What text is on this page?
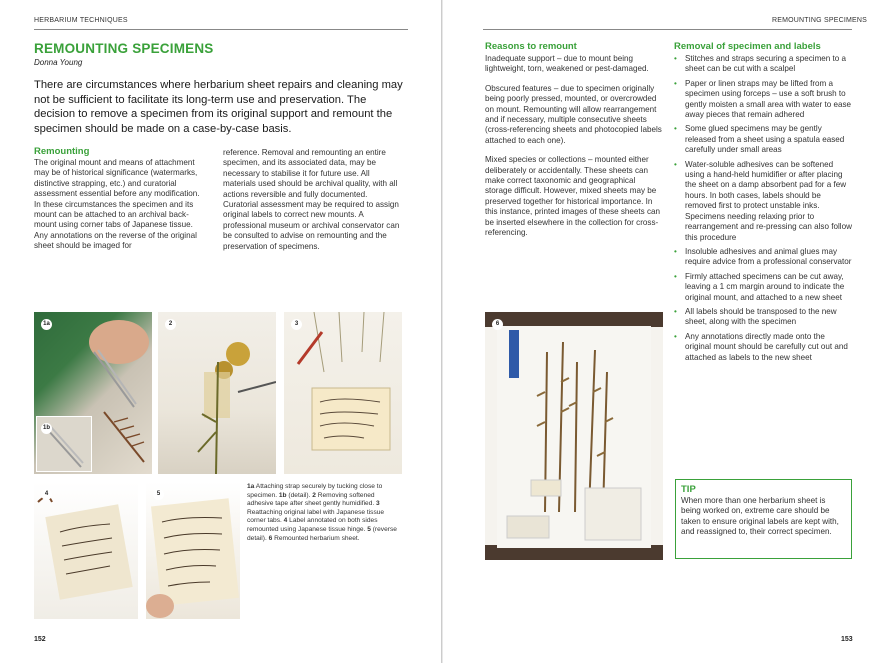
HERBARIUM TECHNIQUES
REMOUNTING SPECIMENS
Donna Young
There are circumstances where herbarium sheet repairs and cleaning may not be sufficient to facilitate its long-term use and preservation. The decision to remove a specimen from its original support and remount the specimen should be made on a case-by-case basis.
Remounting
The original mount and means of attachment may be of historical significance (watermarks, distinctive strapping, etc.) and curatorial assessment essential before any modification. In these circumstances the specimen and its mount can be attached to an archival back-mount using corner tabs of Japanese tissue. Any annotations on the reverse of the original sheet should be imaged for
reference. Removal and remounting an entire specimen, and its associated data, may be necessary to stabilise it for future use. All materials used should be archival quality, with all actions reversible and fully documented. Curatorial assessment may be required to assign original labels to correct new mounts. A professional museum or archival conservator can be consulted to advise on remounting and the preservation of specimens.
1a
1b
2	3
4	5
1a Attaching strap securely by tucking close to specimen. 1b (detail). 2 Removing softened adhesive tape after sheet gently humidified. 3 Reattaching original label with Japanese tissue corner tabs. 4 Label annotated on both sides remounted using Japanese tissue hinge. 5 (reverse detail). 6 Remounted herbarium sheet.
152
REMOUNTING SPECIMENS
Reasons to remount

Inadequate support – due to mount being lightweight, torn, weakened or pest-damaged.

Obscured features – due to specimen originally being poorly pressed, mounted, or overcrowded on mount. Remounting will allow rearrangement and if necessary, multiple consecutive sheets (cross-referencing sheets and photocopied labels attached to each one).

Mixed species or collections – mounted either deliberately or accidentally. These sheets can make correct taxonomic and geographical storage difficult. However, mixed sheets may be preserved together for historical importance. In this instance, printed images of these sheets can be inserted elsewhere in the collection for cross-referencing.

6
Removal of specimen and labels
• Stitches and straps securing a specimen to a sheet can be cut with a scalpel
• Paper or linen straps may be lifted from a specimen using forceps – use a soft brush to gently moisten a small area with water to ease away pieces that remain adhered
• Some glued specimens may be gently released from a sheet using a spatula eased carefully under small areas
• Water-soluble adhesives can be softened using a hand-held humidifier or after placing the sheet on a damp absorbent pad for a few hours. In both cases, labels should be removed first to protect unstable inks. Specimens needing relaxing prior to rearrangement and re-pressing can also follow this procedure
• Insoluble adhesives and animal glues may require advice from a professional conservator
• Firmly attached specimens can be cut away, leaving a 1 cm margin around to indicate the original mount, and attached to a new sheet
• All labels should be transposed to the new sheet, along with the specimen
• Any annotations directly made onto the original mount should be carefully cut out and attached as labels to the new sheet
153
TIP
When more than one herbarium sheet is being worked on, extreme care should be taken to ensure original labels are kept with, and reassigned to, their correct specimen.
